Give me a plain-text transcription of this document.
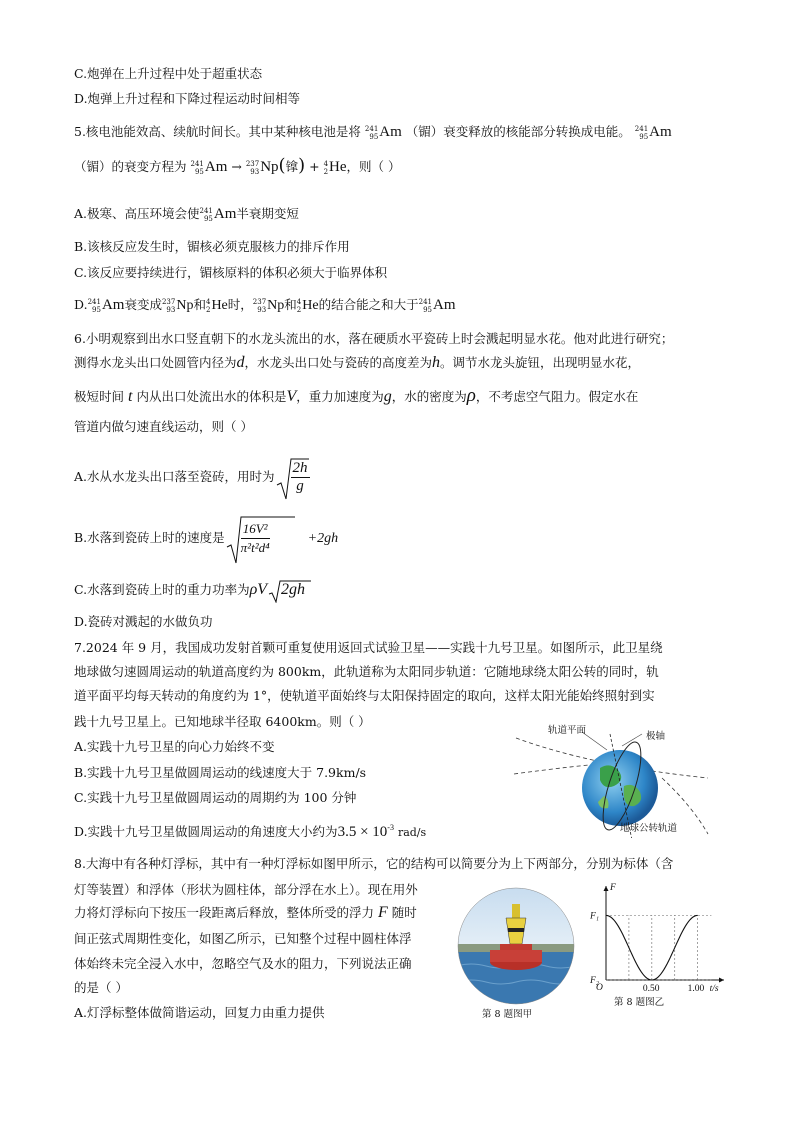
C.炮弹在上升过程中处于超重状态
D.炮弹上升过程和下降过程运动时间相等
5.核电池能效高、续航时间长。其中某种核电池是将 241
95 Am （镅）衰变释放的核能部分转换成电能。 241
95 Am
（镅）的衰变方程为 241
95 Am → 237
93 Np(镎) + 4
2 He，则（ ）
A.极寒、高压环境会使 241
95 Am半衰期变短
B.该核反应发生时，镅核必须克服核力的排斥作用
C.该反应要持续进行，镅核原料的体积必须大于临界体积
D. 241
95 Am衰变成 237
93 Np和 4
2 He时， 237
93 Np和 4
2 He的结合能之和大于 241
95 Am
6.小明观察到出水口竖直朝下的水龙头流出的水，落在硬质水平瓷砖上时会溅起明显水花。他对此进行研究；
测得水龙头出口处圆管内径为d，水龙头出口处与瓷砖的高度差为h。调节水龙头旋钮，出现明显水花，
极短时间 t 内从出口处流出水的体积是V，重力加速度为g，水的密度为ρ，不考虑空气阻力。假定水在
管道内做匀速直线运动，则（ ）
A.水从水龙头出口落至瓷砖，用时为 $\frac{2h}{g}$
B.水落到瓷砖上时的速度是 $\frac{\text{16V²}}{\text{π²t²d⁴}}$	+2gh
C.水落到瓷砖上时的重力功率为ρV 2gh
D.瓷砖对溅起的水做负功
7.2024 年 9 月，我国成功发射首颗可重复使用返回式试验卫星——实践十九号卫星。如图所示，此卫星绕
地球做匀速圆周运动的轨道高度约为 800km，此轨道称为太阳同步轨道：它随地球绕太阳公转的同时，轨
道平面平均每天转动的角度约为 1°，使轨道平面始终与太阳保持固定的取向，这样太阳光能始终照射到实
践十九号卫星上。已知地球半径取 6400km。则（ ）
A.实践十九号卫星的向心力始终不变
B.实践十九号卫星做圆周运动的线速度大于 7.9km/s
C.实践十九号卫星做圆周运动的周期约为 100 分钟
D.实践十九号卫星做圆周运动的角速度大小约为$3.5 \times 10^{-3}$ rad/s
轨道平面
极轴
地球公转轨道
8.大海中有各种灯浮标，其中有一种灯浮标如图甲所示，它的结构可以简要分为上下两部分，分别为标体（含
灯等装置）和浮体（形状为圆柱体，部分浮在水上）。现在用外
力将灯浮标向下按压一段距离后释放，整体所受的浮力 F 随时
间正弦式周期性变化，如图乙所示，已知整个过程中圆柱体浮
体始终未完全浸入水中，忽略空气及水的阻力，下列说法正确
的是（ ）
A.灯浮标整体做简谐运动，回复力由重力提供	第 8 题图甲
F
F₁
F₂
O	0.50	1.00 t/s
第 8 题图乙
